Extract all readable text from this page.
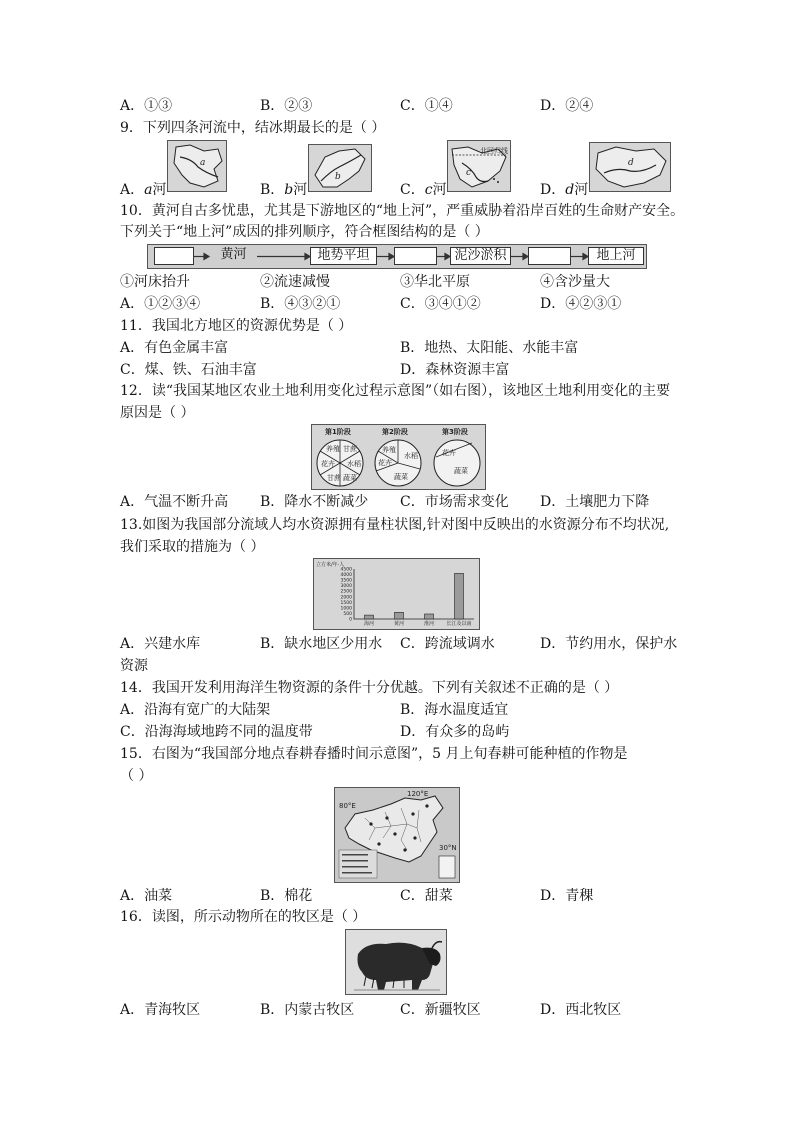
A．①③	B．②③	C．①④	D．②④
9．下列四条河流中，结冰期最长的是（ ）
A．a河	B．b河	C．c河	D．d河
a
b
北回归线
c
d
10．黄河自古多忧患，尤其是下游地区的“地上河”，严重威胁着沿岸百姓的生命财产安全。
下列关于“地上河”成因的排列顺序，符合框图结构的是（ ）
黄河	地势平坦	泥沙淤积	地上河
①河床抬升	②流速减慢	③华北平原	④含沙量大
A．①②③④	B．④③②①	C．③④①②	D．④②③①
11．我国北方地区的资源优势是（ ）
A．有色金属丰富	B．地热、太阳能、水能丰富
C．煤、铁、石油丰富	D．森林资源丰富
12．读“我国某地区农业土地利用变化过程示意图”（如右图），该地区土地利用变化的主要
原因是（ ）
第1阶段	第2阶段	第3阶段
养殖 甘蔗
花卉 水稻
甘蔗 蔬菜
养殖
花卉
水稻
蔬菜
花卉
蔬菜
A．气温不断升高 B．降水不断减少 C．市场需求变化 D．土壤肥力下降
13.如图为我国部分流域人均水资源拥有量柱状图,针对图中反映出的水资源分布不均状况,
我们采取的措施为（ ）
立方米/年·人
4500
4000
3500
3000
2500
2000
1500
1000
500
0
海河	黄河	淮河 长江及以南
A．兴建水库	B．缺水地区少用水 C．跨流域调水	D．节约用水，保护水
资源
14．我国开发利用海洋生物资源的条件十分优越。下列有关叙述不正确的是（ ）
A．沿海有宽广的大陆架	B．海水温度适宜
C．沿海海域地跨不同的温度带	D．有众多的岛屿
15．右图为“我国部分地点春耕春播时间示意图”，5 月上旬春耕可能种植的作物是
（ ）
120°E
80°E
30°N
A．油菜	B．棉花	C．甜菜	D．青稞
16．读图，所示动物所在的牧区是（ ）
A．青海牧区	B．内蒙古牧区	C．新疆牧区	D．西北牧区
